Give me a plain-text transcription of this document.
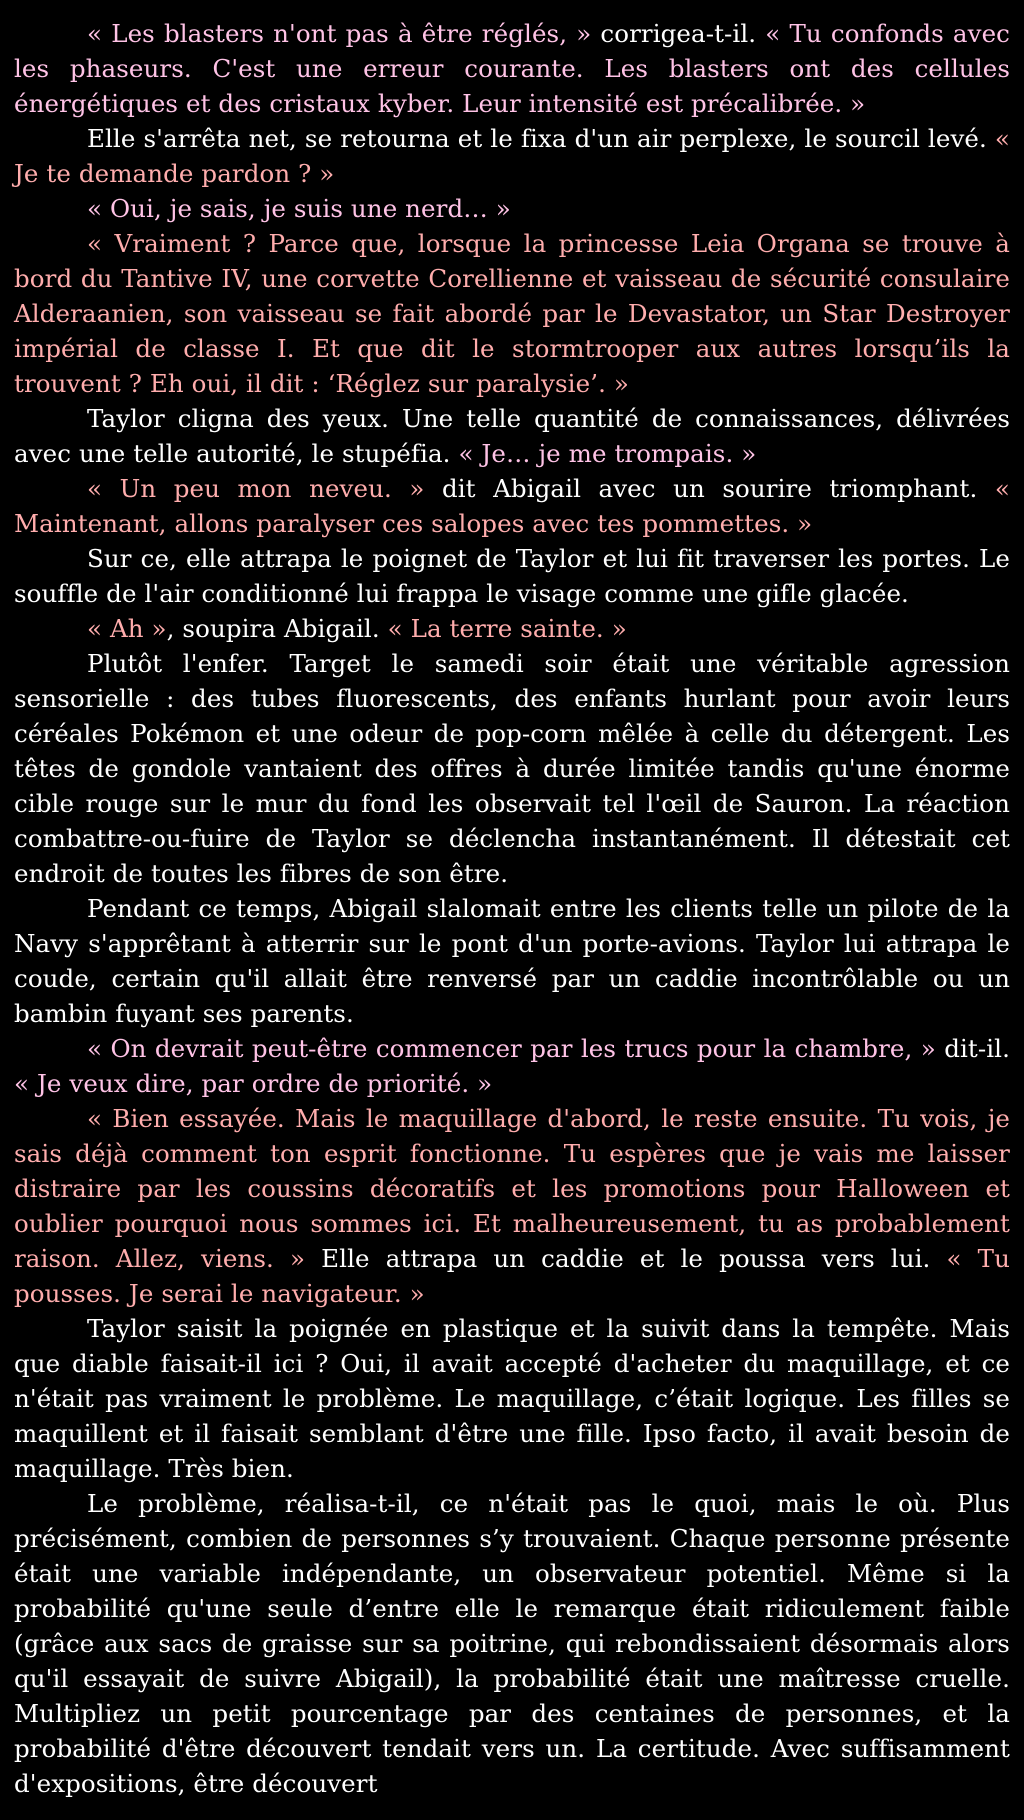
« Les blasters n'ont pas à être réglés, » corrigea-t-il. « Tu confonds avec les phaseurs. C'est une erreur courante. Les blasters ont des cellules énergétiques et des cristaux kyber. Leur intensité est précalibrée. »

Elle s'arrêta net, se retourna et le fixa d'un air perplexe, le sourcil levé. « Je te demande pardon ? »

« Oui, je sais, je suis une nerd… »

« Vraiment ? Parce que, lorsque la princesse Leia Organa se trouve à bord du Tantive IV, une corvette Corellienne et vaisseau de sécurité consulaire Alderaanien, son vaisseau se fait abordé par le Devastator, un Star Destroyer impérial de classe I. Et que dit le stormtrooper aux autres lorsqu’ils la trouvent ? Eh oui, il dit : ‘Réglez sur paralysie’. »

Taylor cligna des yeux. Une telle quantité de connaissances, délivrées avec une telle autorité, le stupéfia. « Je… je me trompais. »

« Un peu mon neveu. » dit Abigail avec un sourire triomphant. « Maintenant, allons paralyser ces salopes avec tes pommettes. »

Sur ce, elle attrapa le poignet de Taylor et lui fit traverser les portes. Le souffle de l'air conditionné lui frappa le visage comme une gifle glacée.

« Ah », soupira Abigail. « La terre sainte. »

Plutôt l'enfer. Target le samedi soir était une véritable agression sensorielle : des tubes fluorescents, des enfants hurlant pour avoir leurs céréales Pokémon et une odeur de pop-corn mêlée à celle du détergent. Les têtes de gondole vantaient des offres à durée limitée tandis qu'une énorme cible rouge sur le mur du fond les observait tel l'œil de Sauron. La réaction combattre-ou-fuire de Taylor se déclencha instantanément. Il détestait cet endroit de toutes les fibres de son être.

Pendant ce temps, Abigail slalomait entre les clients telle un pilote de la Navy s'apprêtant à atterrir sur le pont d'un porte-avions. Taylor lui attrapa le coude, certain qu'il allait être renversé par un caddie incontrôlable ou un bambin fuyant ses parents.

« On devrait peut-être commencer par les trucs pour la chambre, » dit-il. « Je veux dire, par ordre de priorité. »

« Bien essayée. Mais le maquillage d'abord, le reste ensuite. Tu vois, je sais déjà comment ton esprit fonctionne. Tu espères que je vais me laisser distraire par les coussins décoratifs et les promotions pour Halloween et oublier pourquoi nous sommes ici. Et malheureusement, tu as probablement raison. Allez, viens. » Elle attrapa un caddie et le poussa vers lui. « Tu pousses. Je serai le navigateur. »

Taylor saisit la poignée en plastique et la suivit dans la tempête. Mais que diable faisait-il ici ? Oui, il avait accepté d'acheter du maquillage, et ce n'était pas vraiment le problème. Le maquillage, c’était logique. Les filles se maquillent et il faisait semblant d'être une fille. Ipso facto, il avait besoin de maquillage. Très bien.

Le problème, réalisa-t-il, ce n'était pas le quoi, mais le où. Plus précisément, combien de personnes s’y trouvaient. Chaque personne présente était une variable indépendante, un observateur potentiel. Même si la probabilité qu'une seule d’entre elle le remarque était ridiculement faible (grâce aux sacs de graisse sur sa poitrine, qui rebondissaient désormais alors qu'il essayait de suivre Abigail), la probabilité était une maîtresse cruelle. Multipliez un petit pourcentage par des centaines de personnes, et la probabilité d'être découvert tendait vers un. La certitude. Avec suffisamment d'expositions, être découvert
